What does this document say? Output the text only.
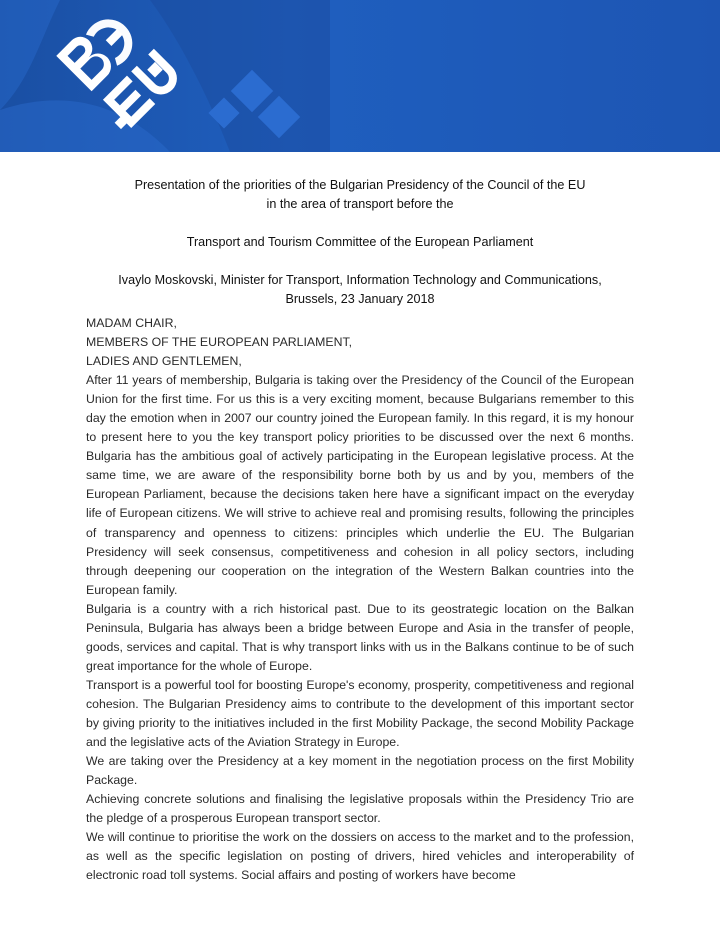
Presentation of the priorities of the Bulgarian Presidency of the Council of the EU

in the area of transport before the

Transport and Tourism Committee of the European Parliament

Ivaylo Moskovski, Minister for Transport, Information Technology and Communications,

Brussels, 23 January 2018

MADAM CHAIR,

MEMBERS OF THE EUROPEAN PARLIAMENT,

LADIES AND GENTLEMEN,

After 11 years of membership, Bulgaria is taking over the Presidency of the Council of the European Union for the first time. For us this is a very exciting moment, because Bulgarians remember to this day the emotion when in 2007 our country joined the European family. In this regard, it is my honour to present here to you the key transport policy priorities to be discussed over the next 6 months. Bulgaria has the ambitious goal of actively participating in the European legislative process. At the same time, we are aware of the responsibility borne both by us and by you, members of the European Parliament, because the decisions taken here have a significant impact on the everyday life of European citizens. We will strive to achieve real and promising results, following the principles of transparency and openness to citizens: principles which underlie the EU. The Bulgarian Presidency will seek consensus, competitiveness and cohesion in all policy sectors, including through deepening our cooperation on the integration of the Western Balkan countries into the European family.

Bulgaria is a country with a rich historical past. Due to its geostrategic location on the Balkan Peninsula, Bulgaria has always been a bridge between Europe and Asia in the transfer of people, goods, services and capital. That is why transport links with us in the Balkans continue to be of such great importance for the whole of Europe.

Transport is a powerful tool for boosting Europe's economy, prosperity, competitiveness and regional cohesion. The Bulgarian Presidency aims to contribute to the development of this important sector by giving priority to the initiatives included in the first Mobility Package, the second Mobility Package and the legislative acts of the Aviation Strategy in Europe.

We are taking over the Presidency at a key moment in the negotiation process on the first Mobility Package.

Achieving concrete solutions and finalising the legislative proposals within the Presidency Trio are the pledge of a prosperous European transport sector.

We will continue to prioritise the work on the dossiers on access to the market and to the profession, as well as the specific legislation on posting of drivers, hired vehicles and interoperability of electronic road toll systems. Social affairs and posting of workers have become
